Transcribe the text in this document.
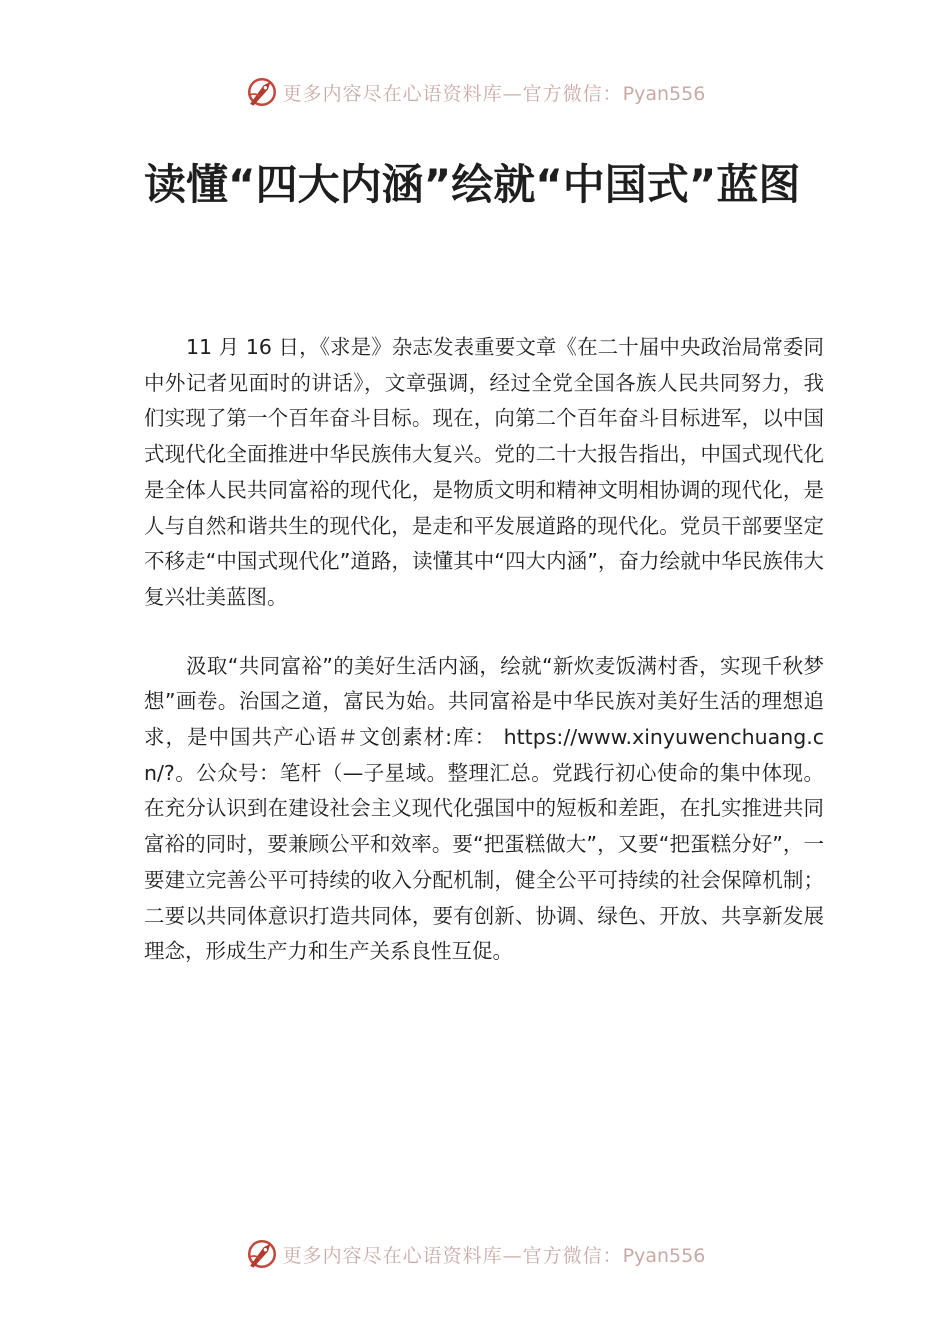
更多内容尽在心语资料库—官方微信：Pyan556
读懂“四大内涵”绘就“中国式”蓝图

11 月 16 日，《求是》杂志发表重要文章《在二十届中央政治局常委同中外记者见面时的讲话》，文章强调，经过全党全国各族人民共同努力，我们实现了第一个百年奋斗目标。现在，向第二个百年奋斗目标进军，以中国式现代化全面推进中华民族伟大复兴。党的二十大报告指出，中国式现代化是全体人民共同富裕的现代化，是物质文明和精神文明相协调的现代化，是人与自然和谐共生的现代化，是走和平发展道路的现代化。党员干部要坚定不移走“中国式现代化”道路，读懂其中“四大内涵”，奋力绘就中华民族伟大复兴壮美蓝图。

汲取“共同富裕”的美好生活内涵，绘就“新炊麦饭满村香，实现千秋梦想”画卷。治国之道，富民为始。共同富裕是中华民族对美好生活的理想追求，是中国共产心语＃文创素材:库： https://www.xinyuwenchuang.cn/?。公众号：笔杆（—子星域。整理汇总。党践行初心使命的集中体现。在充分认识到在建设社会主义现代化强国中的短板和差距，在扎实推进共同富裕的同时，要兼顾公平和效率。要“把蛋糕做大”，又要“把蛋糕分好”，一要建立完善公平可持续的收入分配机制，健全公平可持续的社会保障机制；二要以共同体意识打造共同体，要有创新、协调、绿色、开放、共享新发展理念，形成生产力和生产关系良性互促。

更多内容尽在心语资料库—官方微信：Pyan556
